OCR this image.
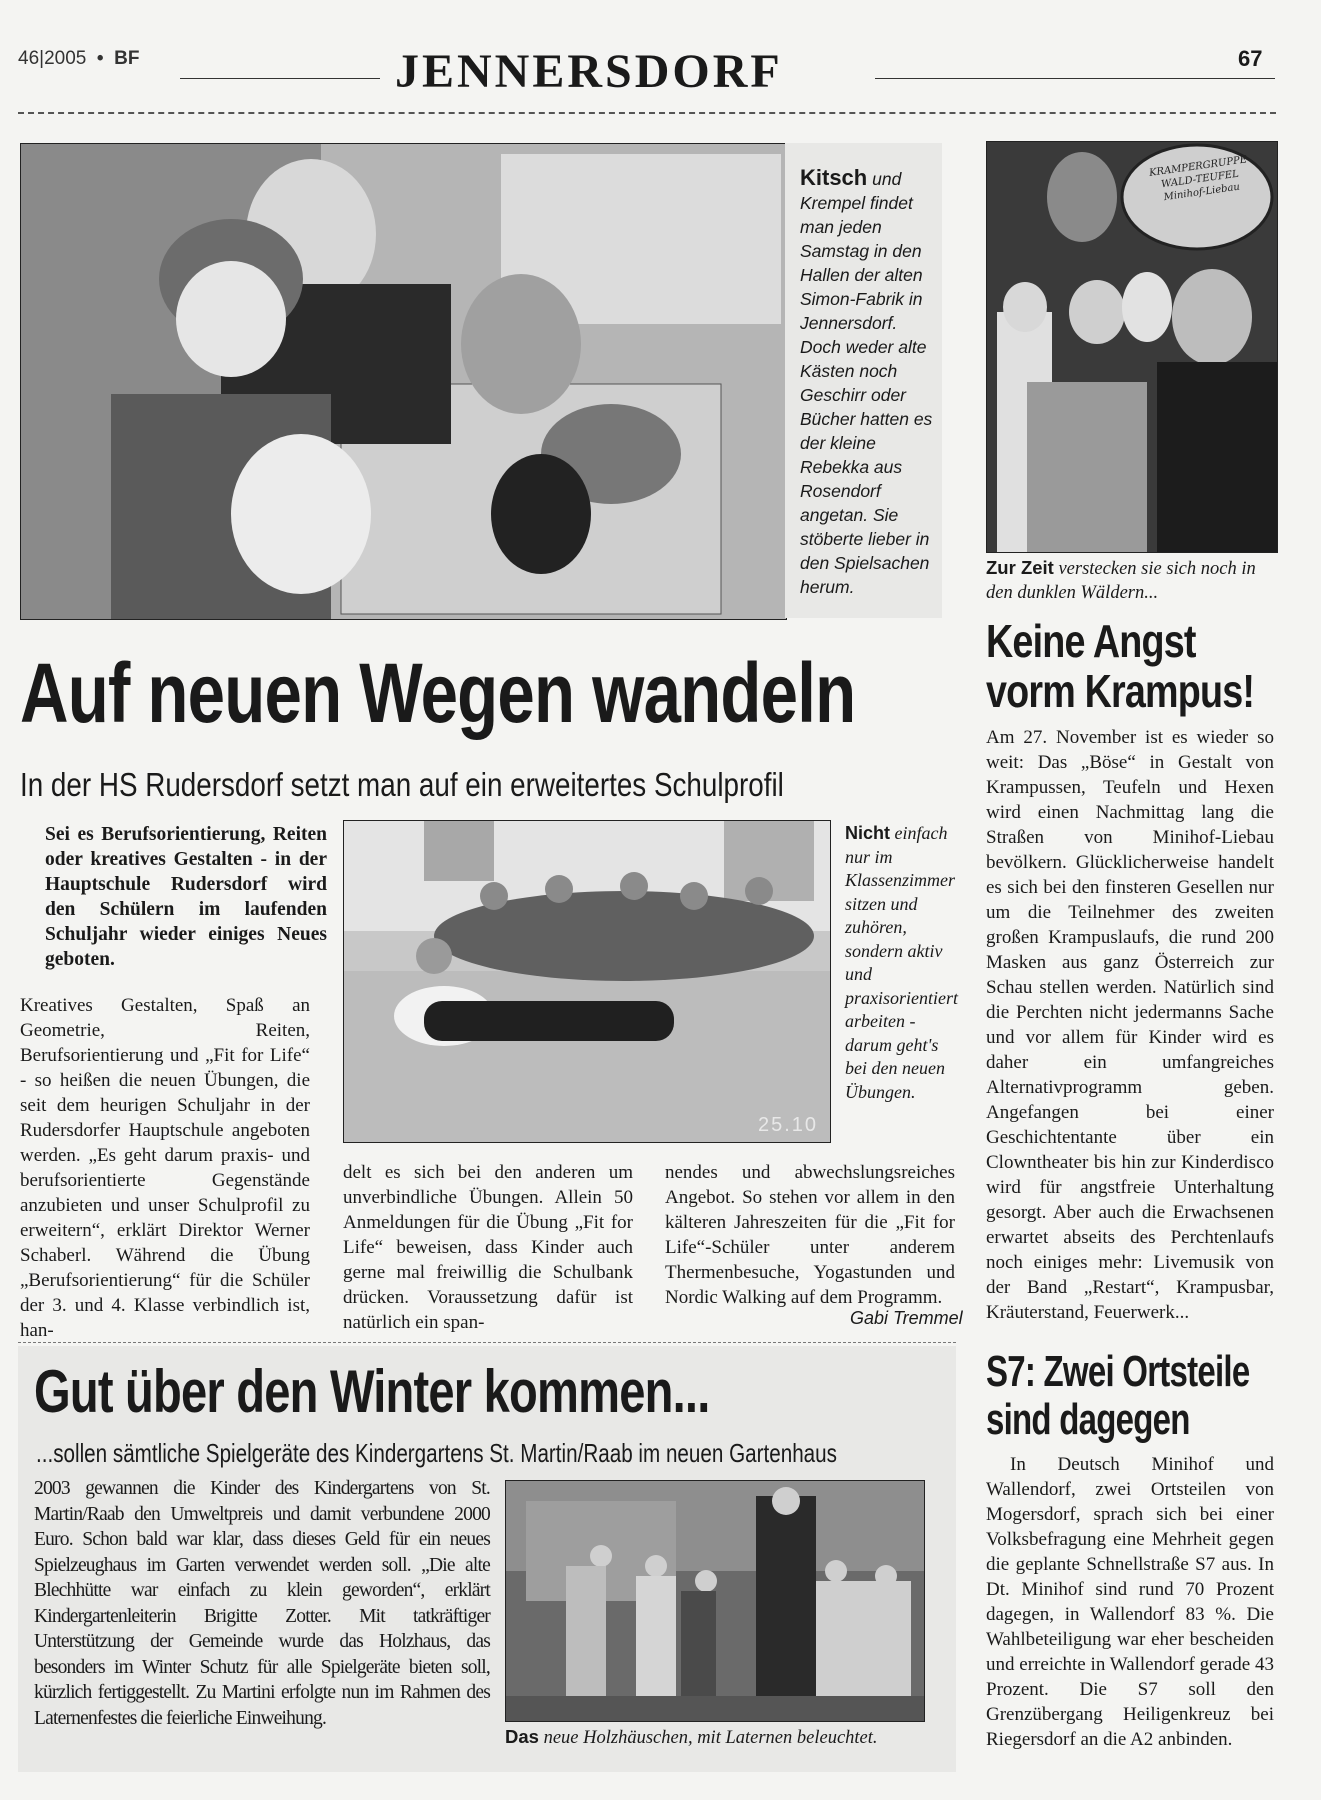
46|2005  •  BF	JENNERSDORF	67
Kitsch und Krempel findet man jeden Samstag in den Hallen der alten Simon-Fabrik in Jennersdorf. Doch weder alte Kästen noch Geschirr oder Bücher hatten es der kleine Rebekka aus Rosendorf angetan. Sie stöberte lieber in den Spielsachen herum.
KRAMPERGRUPPE WALD-TEUFEL Minihof-Liebau
Zur Zeit verstecken sie sich noch in den dunklen Wäldern...
Auf neuen Wegen wandeln
In der HS Rudersdorf setzt man auf ein erweitertes Schulprofil
Sei es Berufsorientierung, Reiten oder kreatives Gestalten - in der Hauptschule Rudersdorf wird den Schülern im laufenden Schuljahr wieder einiges Neues geboten.
25.10
Nicht einfach nur im Klassenzimmer sitzen und zuhören, sondern aktiv und praxisorientiert arbeiten - darum geht's bei den neuen Übungen.
Kreatives Gestalten, Spaß an Geometrie, Reiten, Berufsorientierung und „Fit for Life“ - so heißen die neuen Übungen, die seit dem heurigen Schuljahr in der Rudersdorfer Hauptschule angeboten werden. „Es geht darum praxis- und berufsorientierte Gegenstände anzubieten und unser Schulprofil zu erweitern“, erklärt Direktor Werner Schaberl. Während die Übung „Berufsorientierung“ für die Schüler der 3. und 4. Klasse verbindlich ist, han-
delt es sich bei den anderen um unverbindliche Übungen. Allein 50 Anmeldungen für die Übung „Fit for Life“ beweisen, dass Kinder auch gerne mal freiwillig die Schulbank drücken. Voraussetzung dafür ist natürlich ein span-
nendes und abwechslungsreiches Angebot. So stehen vor allem in den kälteren Jahreszeiten für die „Fit for Life“-Schüler unter anderem Thermenbesuche, Yogastunden und Nordic Walking auf dem Programm.
Gabi Tremmel
Keine Angst
vorm Krampus!
Am 27. November ist es wieder so weit: Das „Böse“ in Gestalt von Krampussen, Teufeln und Hexen wird einen Nachmittag lang die Straßen von Minihof-Liebau bevölkern. Glücklicherweise handelt es sich bei den finsteren Gesellen nur um die Teilnehmer des zweiten großen Krampuslaufs, die rund 200 Masken aus ganz Österreich zur Schau stellen werden. Natürlich sind die Perchten nicht jedermanns Sache und vor allem für Kinder wird es daher ein umfangreiches Alternativprogramm geben. Angefangen bei einer Geschichtentante über ein Clowntheater bis hin zur Kinderdisco wird für angstfreie Unterhaltung gesorgt. Aber auch die Erwachsenen erwartet abseits des Perchtenlaufs noch einiges mehr: Livemusik von der Band „Restart“, Krampusbar, Kräuterstand, Feuerwerk...
Gut über den Winter kommen...
...sollen sämtliche Spielgeräte des Kindergartens St. Martin/Raab im neuen Gartenhaus
2003 gewannen die Kinder des Kindergartens von St. Martin/Raab den Umweltpreis und damit verbundene 2000 Euro. Schon bald war klar, dass dieses Geld für ein neues Spielzeughaus im Garten verwendet werden soll. „Die alte Blechhütte war einfach zu klein geworden“, erklärt Kindergartenleiterin Brigitte Zotter. Mit tatkräftiger Unterstützung der Gemeinde wurde das Holzhaus, das besonders im Winter Schutz für alle Spielgeräte bieten soll, kürzlich fertiggestellt. Zu Martini erfolgte nun im Rahmen des Laternenfestes die feierliche Einweihung.
Das neue Holzhäuschen, mit Laternen beleuchtet.
S7: Zwei Ortsteile
sind dagegen
In Deutsch Minihof und Wallendorf, zwei Ortsteilen von Mogersdorf, sprach sich bei einer Volksbefragung eine Mehrheit gegen die geplante Schnellstraße S7 aus. In Dt. Minihof sind rund 70 Prozent dagegen, in Wallendorf 83 %. Die Wahlbeteiligung war eher bescheiden und erreichte in Wallendorf gerade 43 Prozent. Die S7 soll den Grenzübergang Heiligenkreuz bei Riegersdorf an die A2 anbinden.
